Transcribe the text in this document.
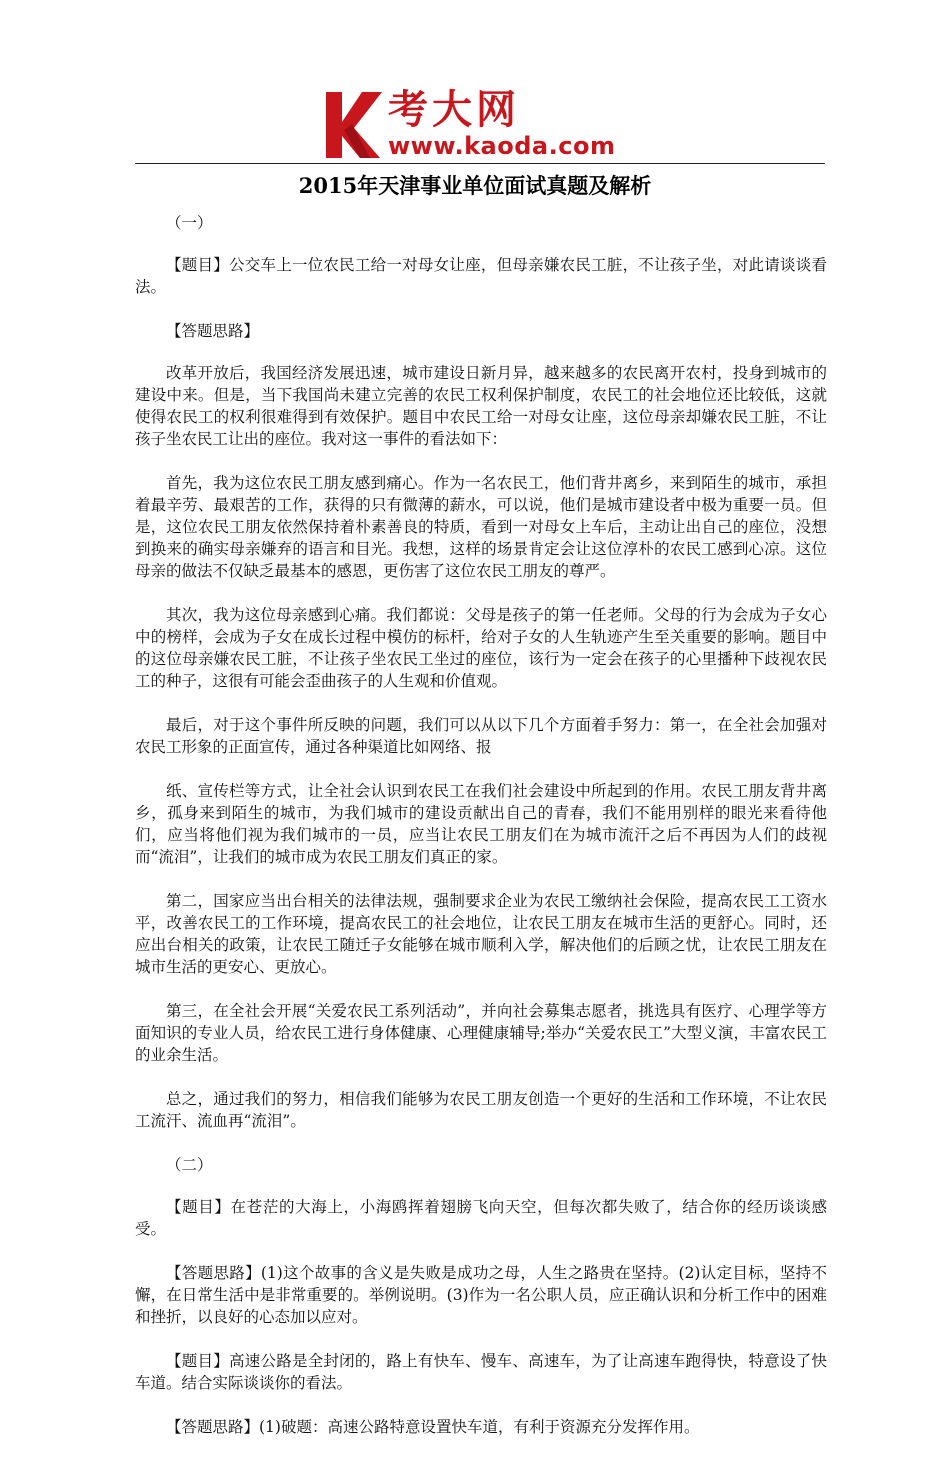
考大网
www.kaoda.com
2015年天津事业单位面试真题及解析

（一）

【题目】公交车上一位农民工给一对母女让座，但母亲嫌农民工脏，不让孩子坐，对此请谈谈看法。

【答题思路】

改革开放后，我国经济发展迅速，城市建设日新月异，越来越多的农民离开农村，投身到城市的建设中来。但是，当下我国尚未建立完善的农民工权利保护制度，农民工的社会地位还比较低，这就使得农民工的权利很难得到有效保护。题目中农民工给一对母女让座，这位母亲却嫌农民工脏，不让孩子坐农民工让出的座位。我对这一事件的看法如下：

首先，我为这位农民工朋友感到痛心。作为一名农民工，他们背井离乡，来到陌生的城市，承担着最辛劳、最艰苦的工作，获得的只有微薄的薪水，可以说，他们是城市建设者中极为重要一员。但是，这位农民工朋友依然保持着朴素善良的特质，看到一对母女上车后，主动让出自己的座位，没想到换来的确实母亲嫌弃的语言和目光。我想，这样的场景肯定会让这位淳朴的农民工感到心凉。这位母亲的做法不仅缺乏最基本的感恩，更伤害了这位农民工朋友的尊严。

其次，我为这位母亲感到心痛。我们都说：父母是孩子的第一任老师。父母的行为会成为子女心中的榜样，会成为子女在成长过程中模仿的标杆，给对子女的人生轨迹产生至关重要的影响。题目中的这位母亲嫌农民工脏，不让孩子坐农民工坐过的座位，该行为一定会在孩子的心里播种下歧视农民工的种子，这很有可能会歪曲孩子的人生观和价值观。

最后，对于这个事件所反映的问题，我们可以从以下几个方面着手努力：第一，在全社会加强对农民工形象的正面宣传，通过各种渠道比如网络、报

纸、宣传栏等方式，让全社会认识到农民工在我们社会建设中所起到的作用。农民工朋友背井离乡，孤身来到陌生的城市，为我们城市的建设贡献出自己的青春，我们不能用别样的眼光来看待他们，应当将他们视为我们城市的一员，应当让农民工朋友们在为城市流汗之后不再因为人们的歧视而“流泪”，让我们的城市成为农民工朋友们真正的家。

第二，国家应当出台相关的法律法规，强制要求企业为农民工缴纳社会保险，提高农民工工资水平，改善农民工的工作环境，提高农民工的社会地位，让农民工朋友在城市生活的更舒心。同时，还应出台相关的政策，让农民工随迁子女能够在城市顺利入学，解决他们的后顾之忧，让农民工朋友在城市生活的更安心、更放心。

第三，在全社会开展“关爱农民工系列活动”，并向社会募集志愿者，挑选具有医疗、心理学等方面知识的专业人员，给农民工进行身体健康、心理健康辅导;举办“关爱农民工”大型义演，丰富农民工的业余生活。

总之，通过我们的努力，相信我们能够为农民工朋友创造一个更好的生活和工作环境，不让农民工流汗、流血再“流泪”。

（二）

【题目】在苍茫的大海上，小海鸥挥着翅膀飞向天空，但每次都失败了，结合你的经历谈谈感受。

【答题思路】(1)这个故事的含义是失败是成功之母，人生之路贵在坚持。(2)认定目标，坚持不懈，在日常生活中是非常重要的。举例说明。(3)作为一名公职人员，应正确认识和分析工作中的困难和挫折，以良好的心态加以应对。

【题目】高速公路是全封闭的，路上有快车、慢车、高速车，为了让高速车跑得快，特意设了快车道。结合实际谈谈你的看法。

【答题思路】(1)破题：高速公路特意设置快车道，有利于资源充分发挥作用。
